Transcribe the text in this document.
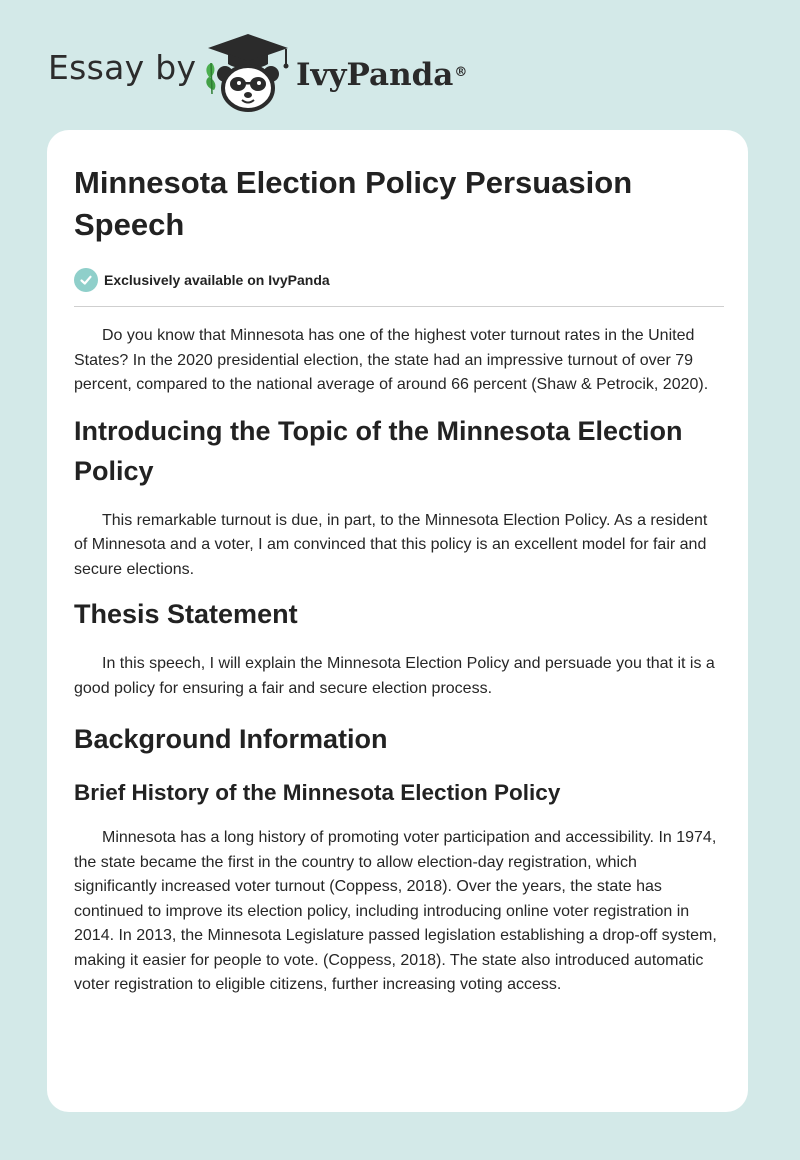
Essay by	IvyPanda®
Minnesota Election Policy Persuasion Speech
Exclusively available on IvyPanda

Do you know that Minnesota has one of the highest voter turnout rates in the United States? In the 2020 presidential election, the state had an impressive turnout of over 79 percent, compared to the national average of around 66 percent (Shaw & Petrocik, 2020).

Introducing the Topic of the Minnesota Election Policy

This remarkable turnout is due, in part, to the Minnesota Election Policy. As a resident of Minnesota and a voter, I am convinced that this policy is an excellent model for fair and secure elections.

Thesis Statement

In this speech, I will explain the Minnesota Election Policy and persuade you that it is a good policy for ensuring a fair and secure election process.

Background Information
Brief History of the Minnesota Election Policy

Minnesota has a long history of promoting voter participation and accessibility. In 1974, the state became the first in the country to allow election-day registration, which significantly increased voter turnout (Coppess, 2018). Over the years, the state has continued to improve its election policy, including introducing online voter registration in 2014. In 2013, the Minnesota Legislature passed legislation establishing a drop-off system, making it easier for people to vote. (Coppess, 2018). The state also introduced automatic voter registration to eligible citizens, further increasing voting access.
